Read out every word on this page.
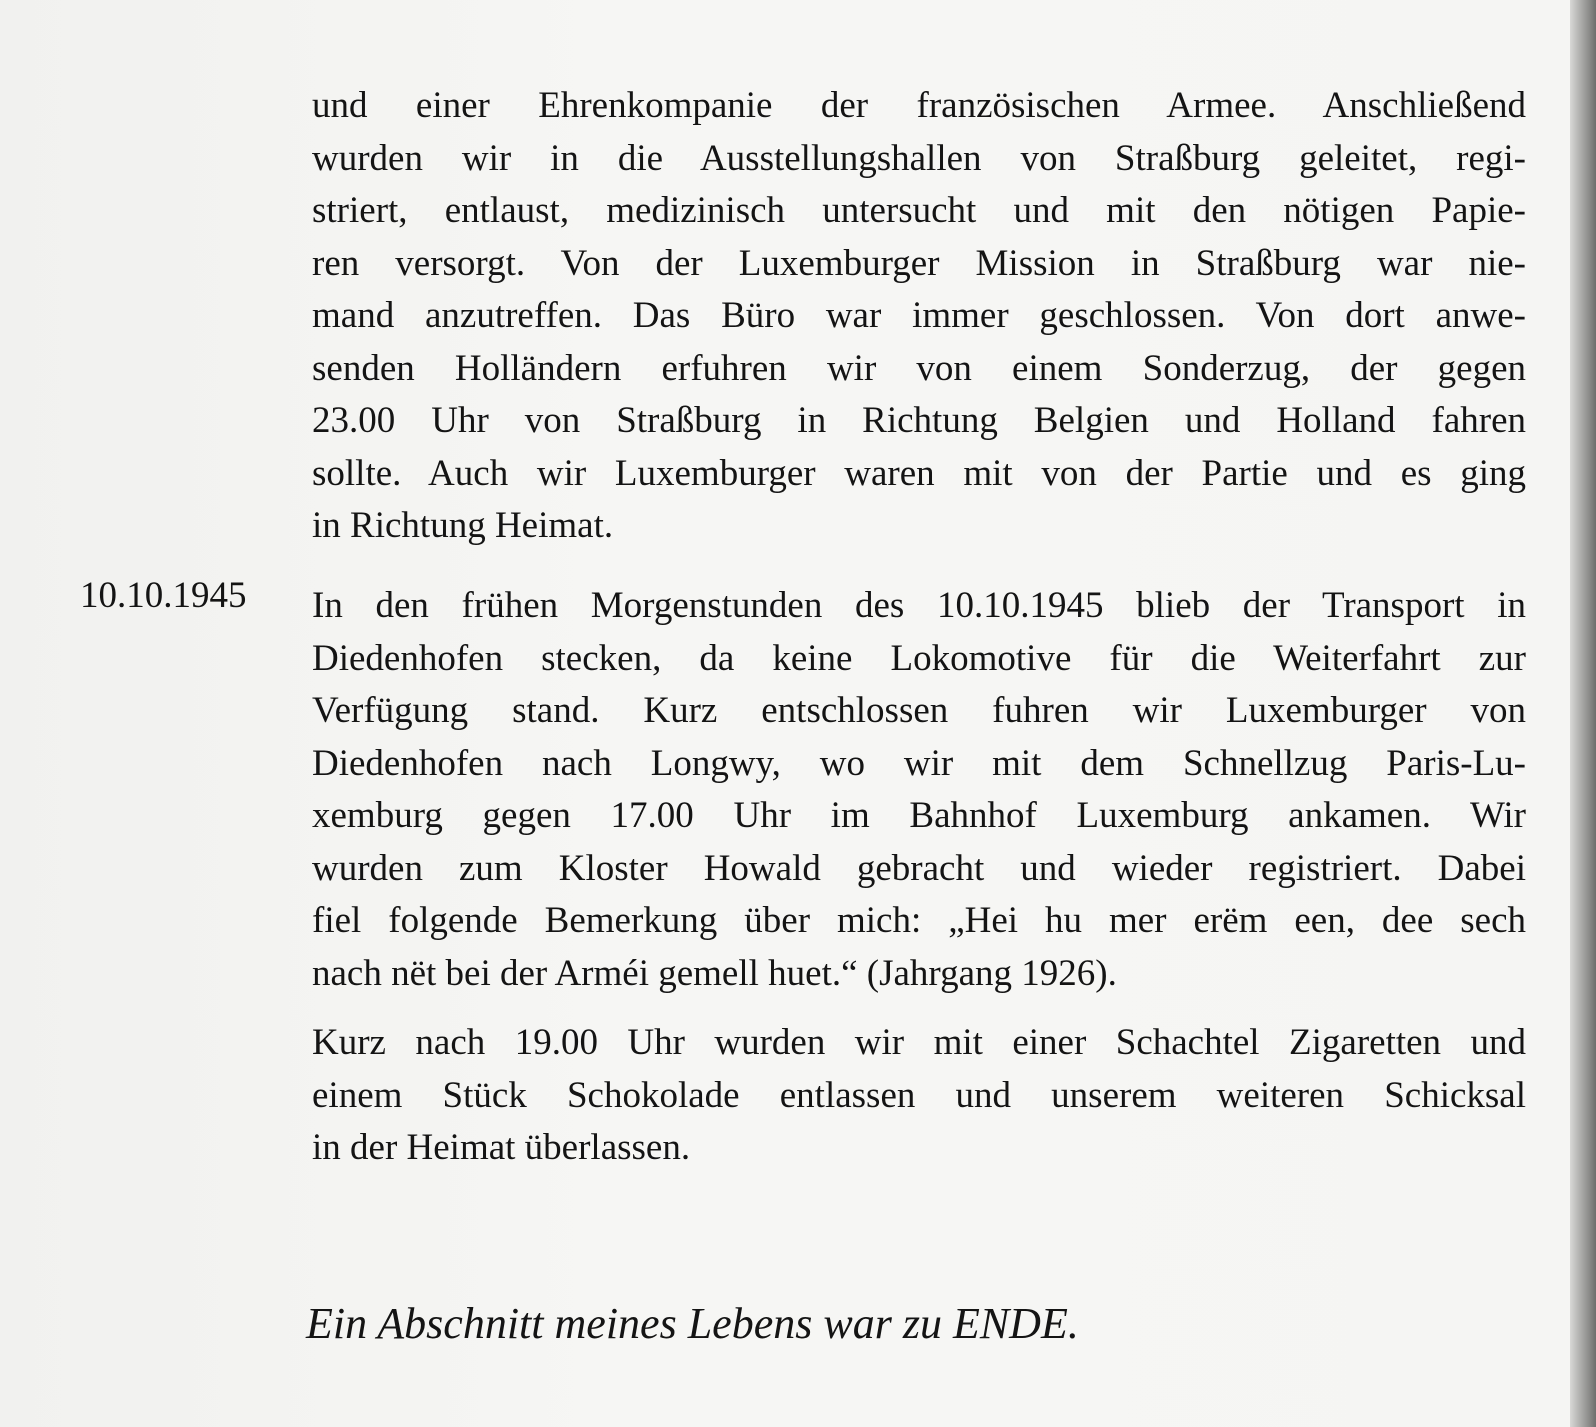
und einer Ehrenkompanie der französischen Armee. Anschließend
wurden wir in die Ausstellungshallen von Straßburg geleitet, regi-
striert, entlaust, medizinisch untersucht und mit den nötigen Papie-
ren versorgt. Von der Luxemburger Mission in Straßburg war nie-
mand anzutreffen. Das Büro war immer geschlossen. Von dort anwe-
senden Holländern erfuhren wir von einem Sonderzug, der gegen
23.00 Uhr von Straßburg in Richtung Belgien und Holland fahren
sollte. Auch wir Luxemburger waren mit von der Partie und es ging
in Richtung Heimat.
10.10.1945 In den frühen Morgenstunden des 10.10.1945 blieb der Transport in
Diedenhofen stecken, da keine Lokomotive für die Weiterfahrt zur
Verfügung stand. Kurz entschlossen fuhren wir Luxemburger von
Diedenhofen nach Longwy, wo wir mit dem Schnellzug Paris-Lu-
xemburg gegen 17.00 Uhr im Bahnhof Luxemburg ankamen. Wir
wurden zum Kloster Howald gebracht und wieder registriert. Dabei
fiel folgende Bemerkung über mich: „Hei hu mer erëm een, dee sech
nach nët bei der Arméi gemell huet.“ (Jahrgang 1926).
Kurz nach 19.00 Uhr wurden wir mit einer Schachtel Zigaretten und
einem Stück Schokolade entlassen und unserem weiteren Schicksal
in der Heimat überlassen.
Ein Abschnitt meines Lebens war zu ENDE.
